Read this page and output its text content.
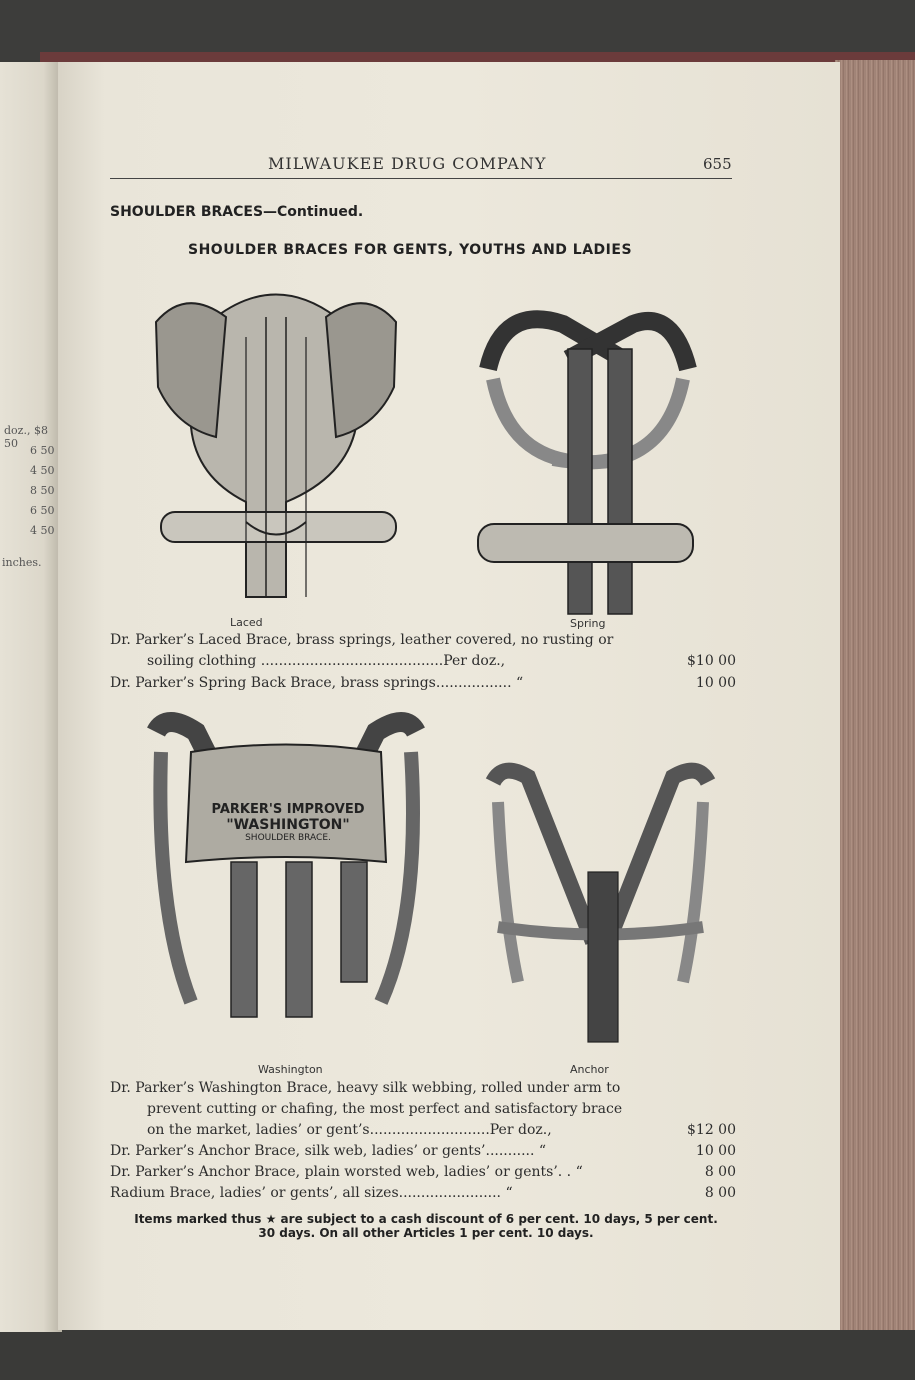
doz., $8 50
6 50
4 50
8 50
6 50
4 50
inches.
MILWAUKEE DRUG COMPANY	655
SHOULDER BRACES—Continued.
SHOULDER BRACES FOR GENTS, YOUTHS AND LADIES
Laced	Spring
Dr. Parker’s Laced Brace, brass springs, leather covered, no rusting or
soiling clothing .........................................Per doz.,	$10 00
Dr. Parker’s Spring Back Brace, brass springs................. “	10 00
PARKER'S IMPROVED
"WASHINGTON"
SHOULDER BRACE.
Washington	Anchor
Dr. Parker’s Washington Brace, heavy silk webbing, rolled under arm to
prevent cutting or chafing, the most perfect and satisfactory brace
on the market, ladies’ or gent’s...........................Per doz.,	$12 00
Dr. Parker’s Anchor Brace, silk web, ladies’ or gents’........... “	10 00
Dr. Parker’s Anchor Brace, plain worsted web, ladies’ or gents’. . “	8 00
Radium Brace, ladies’ or gents’, all sizes....................... “	8 00
Items marked thus ★ are subject to a cash discount of 6 per cent. 10 days, 5 per cent.
30 days. On all other Articles 1 per cent. 10 days.
